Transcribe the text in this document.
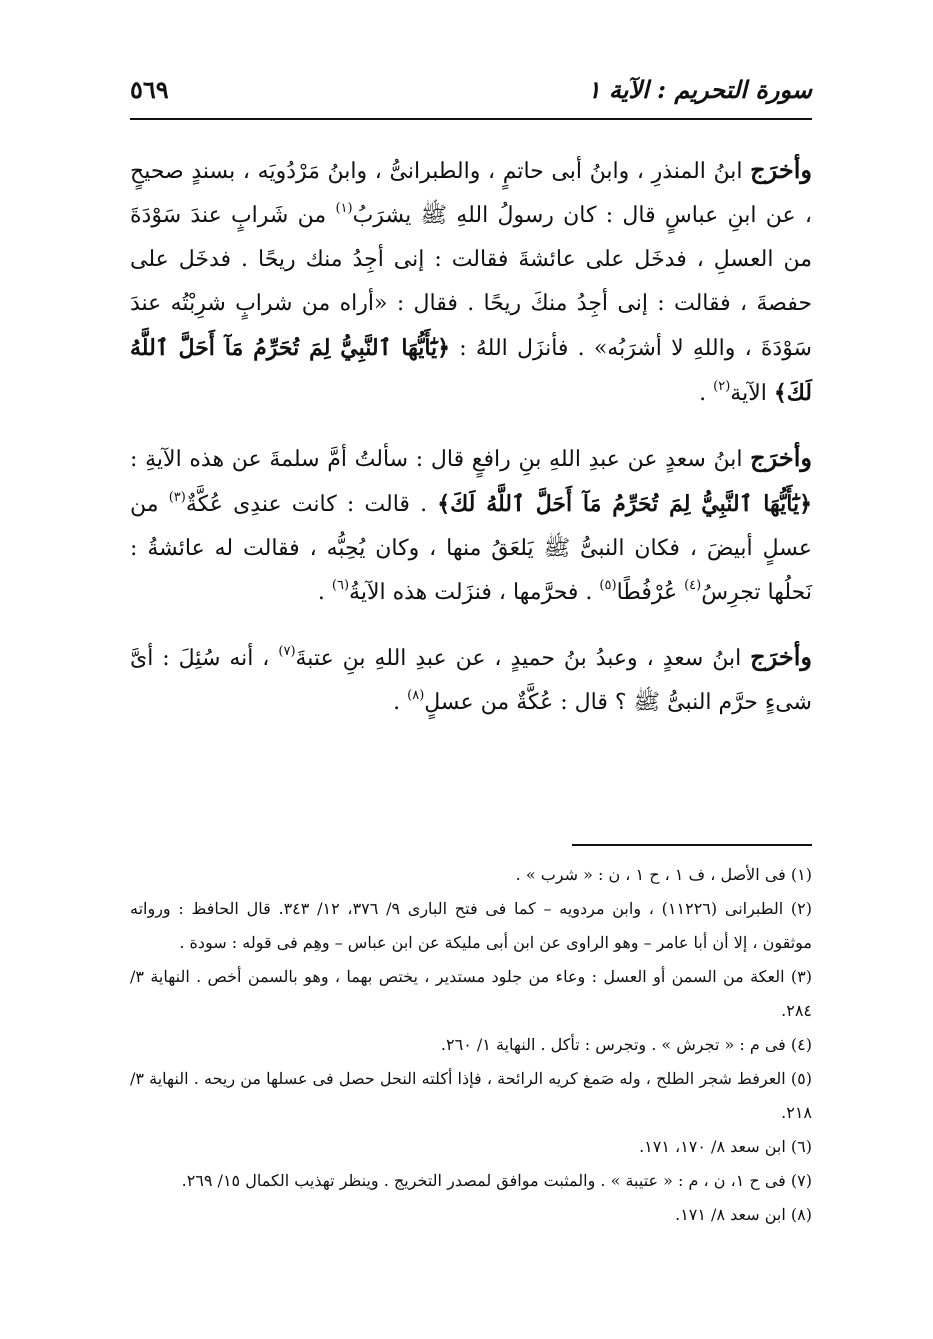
سورة التحريم : الآية ١
٥٦٩

وأخرَج ابنُ المنذرِ ، وابنُ أبى حاتمٍ ، والطبرانىُّ ، وابنُ مَرْدُويَه ، بسندٍ صحيحٍ ، عن ابنِ عباسٍ قال : كان رسولُ اللهِ ﷺ يشرَبُ$^{(١)}$ من شَرابٍ عندَ سَوْدَةَ من العسلِ ، فدخَل على عائشةَ فقالت : إنى أجِدُ منك ريحًا . فدخَل على حفصةَ ، فقالت : إنى أجِدُ منكَ ريحًا . فقال : «أراه من شرابٍ شرِبْتُه عندَ سَوْدَةَ ، واللهِ لا أشرَبُه» . فأنزَل اللهُ : ﴿يَٰٓأَيُّهَا ٱلنَّبِيُّ لِمَ تُحَرِّمُ مَآ أَحَلَّ ٱللَّهُ لَكَ﴾ الآية$^{(٢)}$ .

وأخرَج ابنُ سعدٍ عن عبدِ اللهِ بنِ رافعٍ قال : سألتُ أمَّ سلمةَ عن هذه الآيةِ : ﴿يَٰٓأَيُّهَا ٱلنَّبِيُّ لِمَ تُحَرِّمُ مَآ أَحَلَّ ٱللَّهُ لَكَ﴾ . قالت : كانت عندِى عُكَّةٌ$^{(٣)}$ من عسلٍ أبيضَ ، فكان النبىُّ ﷺ يَلعَقُ منها ، وكان يُحِبُّه ، فقالت له عائشةُ : نَحلُها تجرِسُ$^{(٤)}$ عُرْفُطًا$^{(٥)}$ . فحرَّمها ، فنزَلت هذه الآيةُ$^{(٦)}$ .

وأخرَج ابنُ سعدٍ ، وعبدُ بنُ حميدٍ ، عن عبدِ اللهِ بنِ عتبةَ$^{(٧)}$ ، أنه سُئِلَ : أىَّ شىءٍ حرَّم النبىُّ ﷺ ؟ قال : عُكَّةٌ من عسلٍ$^{(٨)}$ .

(١) فى الأصل ، ف ١ ، ح ١ ، ن : « شرب » .

(٢) الطبرانى (١١٢٢٦) ، وابن مردويه – كما فى فتح البارى ٩/ ٣٧٦، ١٢/ ٣٤٣. قال الحافظ : ورواته موثقون ، إلا أن أبا عامر – وهو الراوى عن ابن أبى مليكة عن ابن عباس – وهِم فى قوله : سودة .

(٣) العكة من السمن أو العسل : وعاء من جلود مستدير ، يختص بهما ، وهو بالسمن أخص . النهاية ٣/ ٢٨٤.

(٤) فى م : « تجرش » . وتجرس : تأكل . النهاية ١/ ٢٦٠.

(٥) العرفط شجر الطلح ، وله صَمغ كريه الرائحة ، فإذا أكلته النحل حصل فى عسلها من ريحه . النهاية ٣/ ٢١٨.

(٦) ابن سعد ٨/ ١٧٠، ١٧١.

(٧) فى ح ١، ن ، م : « عتيبة » . والمثبت موافق لمصدر التخريج . وينظر تهذيب الكمال ١٥/ ٢٦٩.

(٨) ابن سعد ٨/ ١٧١.
